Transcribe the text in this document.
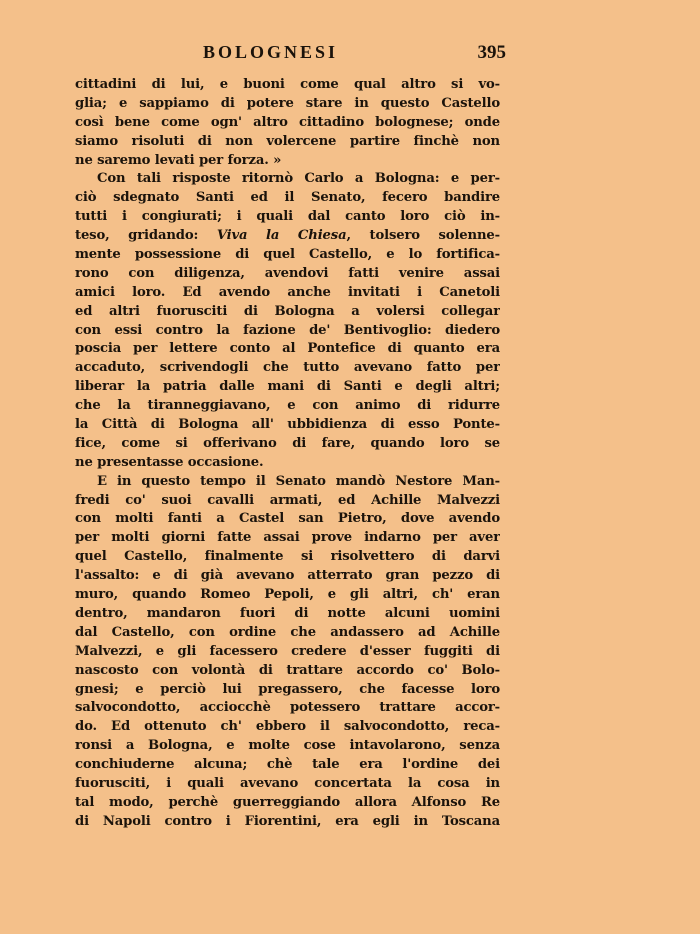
BOLOGNESI	395
cittadini di lui, e buoni come qual altro si vo-
glia; e sappiamo di potere stare in questo Castello
così bene come ogn' altro cittadino bolognese; onde
siamo risoluti di non volercene partire finchè non
ne saremo levati per forza. »
Con tali risposte ritornò Carlo a Bologna: e per-
ciò sdegnato Santi ed il Senato, fecero bandire
tutti i congiurati; i quali dal canto loro ciò in-
teso, gridando: Viva la Chiesa, tolsero solenne-
mente possessione di quel Castello, e lo fortifica-
rono con diligenza, avendovi fatti venire assai
amici loro. Ed avendo anche invitati i Canetoli
ed altri fuorusciti di Bologna a volersi collegar
con essi contro la fazione de' Bentivoglio: diedero
poscia per lettere conto al Pontefice di quanto era
accaduto, scrivendogli che tutto avevano fatto per
liberar la patria dalle mani di Santi e degli altri;
che la tiranneggiavano, e con animo di ridurre
la Città di Bologna all' ubbidienza di esso Ponte-
fice, come si offerivano di fare, quando loro se
ne presentasse occasione.
E in questo tempo il Senato mandò Nestore Man-
fredi co' suoi cavalli armati, ed Achille Malvezzi
con molti fanti a Castel san Pietro, dove avendo
per molti giorni fatte assai prove indarno per aver
quel Castello, finalmente si risolvettero di darvi
l'assalto: e di già avevano atterrato gran pezzo di
muro, quando Romeo Pepoli, e gli altri, ch' eran
dentro, mandaron fuori di notte alcuni uomini
dal Castello, con ordine che andassero ad Achille
Malvezzi, e gli facessero credere d'esser fuggiti di
nascosto con volontà di trattare accordo co' Bolo-
gnesi; e perciò lui pregassero, che facesse loro
salvocondotto, acciocchè potessero trattare accor-
do. Ed ottenuto ch' ebbero il salvocondotto, reca-
ronsi a Bologna, e molte cose intavolarono, senza
conchiuderne alcuna; chè tale era l'ordine dei
fuorusciti, i quali avevano concertata la cosa in
tal modo, perchè guerreggiando allora Alfonso Re
di Napoli contro i Fiorentini, era egli in Toscana
